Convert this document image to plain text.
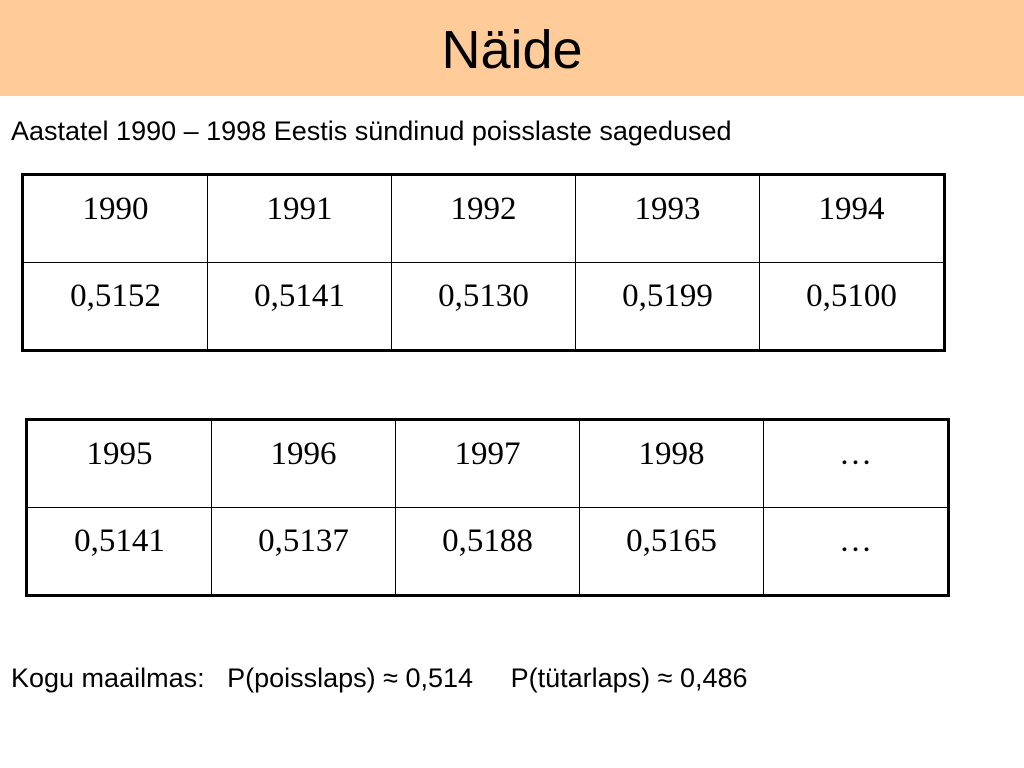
Näide
Aastatel 1990 – 1998 Eestis sündinud poisslaste sagedused
1990	1991	1992	1993	1994
0,5152	0,5141	0,5130	0,5199	0,5100
1995	1996	1997	1998	…
0,5141	0,5137	0,5188	0,5165	…
Kogu maailmas: P(poisslaps) ≈ 0,514 P(tütarlaps) ≈ 0,486
